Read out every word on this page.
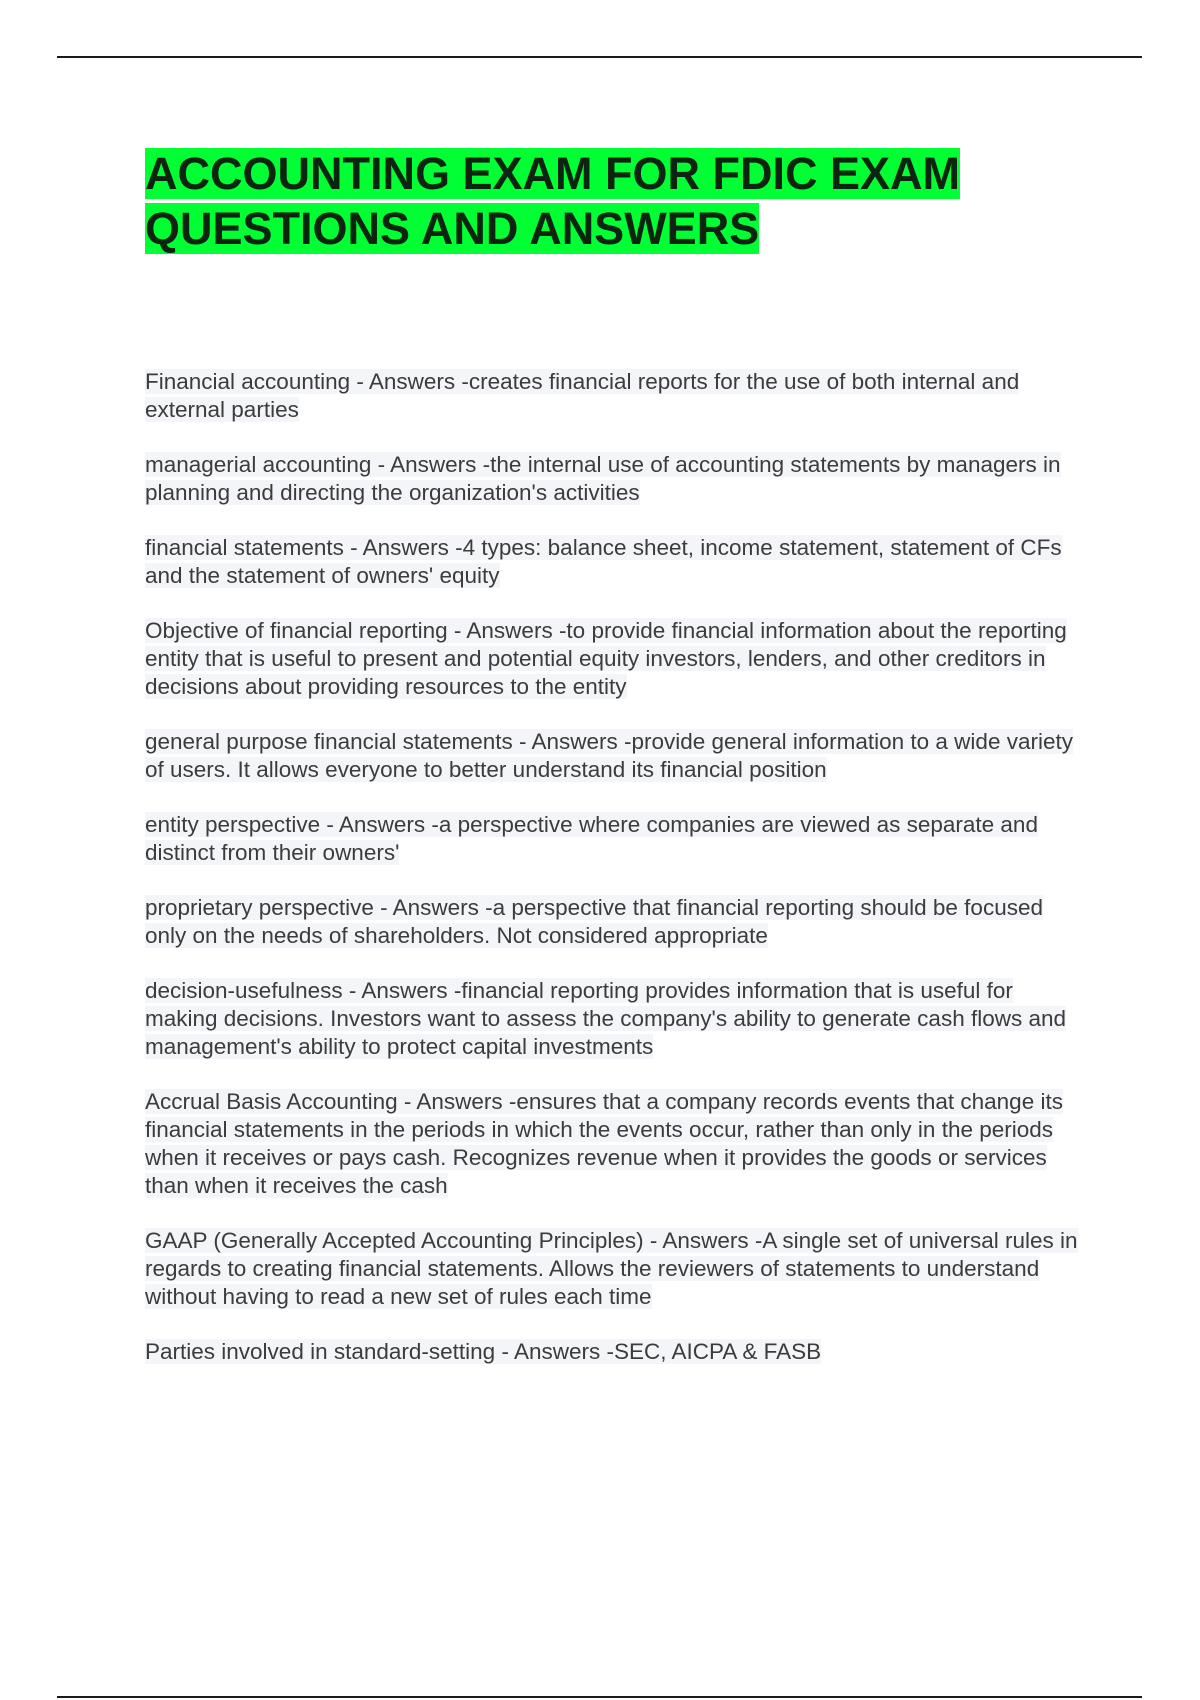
ACCOUNTING EXAM FOR FDIC EXAM QUESTIONS AND ANSWERS

Financial accounting - Answers -creates financial reports for the use of both internal and external parties

managerial accounting - Answers -the internal use of accounting statements by managers in planning and directing the organization's activities

financial statements - Answers -4 types: balance sheet, income statement, statement of CFs and the statement of owners' equity

Objective of financial reporting - Answers -to provide financial information about the reporting entity that is useful to present and potential equity investors, lenders, and other creditors in decisions about providing resources to the entity

general purpose financial statements - Answers -provide general information to a wide variety of users. It allows everyone to better understand its financial position

entity perspective - Answers -a perspective where companies are viewed as separate and distinct from their owners'

proprietary perspective - Answers -a perspective that financial reporting should be focused only on the needs of shareholders. Not considered appropriate

decision-usefulness - Answers -financial reporting provides information that is useful for making decisions. Investors want to assess the company's ability to generate cash flows and management's ability to protect capital investments

Accrual Basis Accounting - Answers -ensures that a company records events that change its financial statements in the periods in which the events occur, rather than only in the periods when it receives or pays cash. Recognizes revenue when it provides the goods or services than when it receives the cash

GAAP (Generally Accepted Accounting Principles) - Answers -A single set of universal rules in regards to creating financial statements. Allows the reviewers of statements to understand without having to read a new set of rules each time

Parties involved in standard-setting - Answers -SEC, AICPA & FASB
